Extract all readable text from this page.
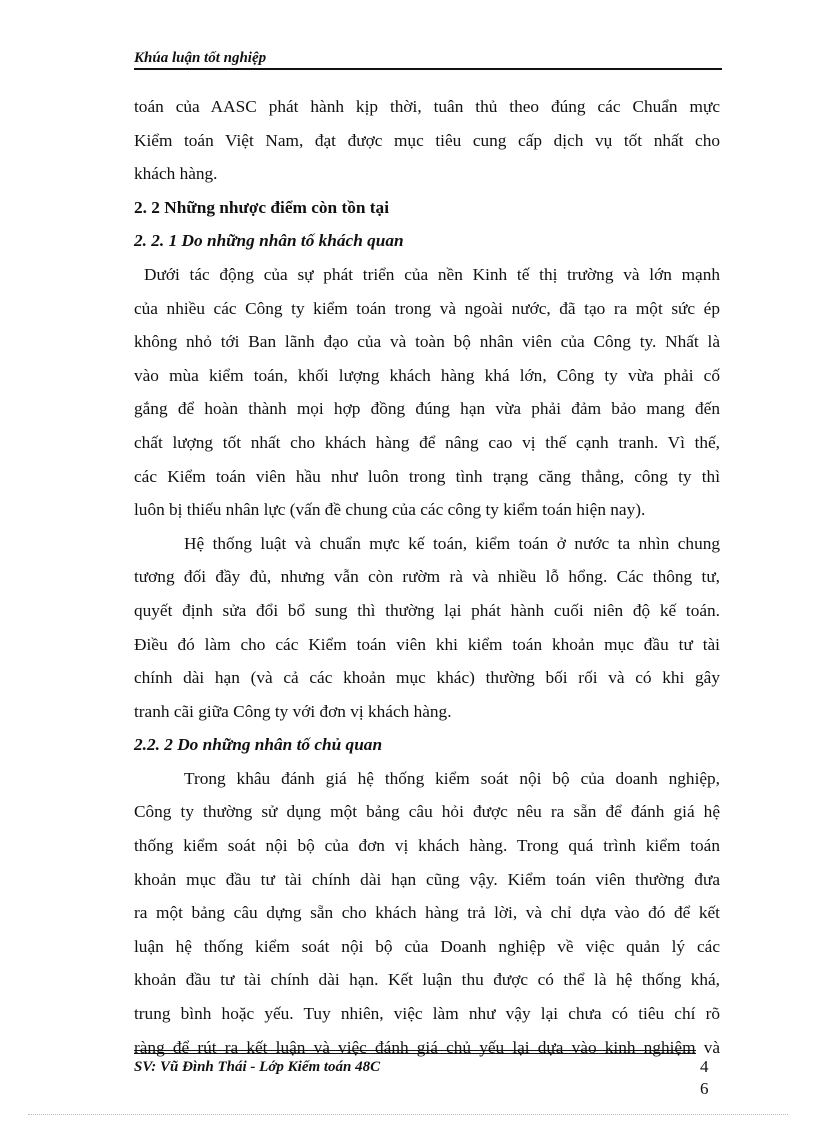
Khúa luận tốt nghiệp
toán của AASC phát hành kịp thời, tuân thủ theo đúng các Chuẩn mực
Kiểm toán Việt Nam, đạt được mục tiêu cung cấp dịch vụ tốt nhất cho
khách hàng.
2. 2 Những nhược điểm còn tồn tại
2. 2. 1 Do những nhân tố khách quan
Dưới tác động của sự phát triển của nền Kinh tế thị trường và lớn mạnh
của nhiều các Công ty kiểm toán trong và ngoài nước, đã tạo ra một sức ép
không nhỏ tới Ban lãnh đạo của và toàn bộ nhân viên của Công ty. Nhất là
vào mùa kiểm toán, khối lượng khách hàng khá lớn, Công ty vừa phải cố
gắng để hoàn thành mọi hợp đồng đúng hạn vừa phải đảm bảo mang đến
chất lượng tốt nhất cho khách hàng để nâng cao vị thế cạnh tranh. Vì thế,
các Kiểm toán viên hầu như luôn trong tình trạng căng thẳng, công ty thì
luôn bị thiếu nhân lực (vấn đề chung của các công ty kiểm toán hiện nay).
Hệ thống luật và chuẩn mực kế toán, kiểm toán ở nước ta nhìn chung
tương đối đầy đủ, nhưng vẫn còn rườm rà và nhiều lỗ hổng. Các thông tư,
quyết định sửa đổi bổ sung thì thường lại phát hành cuối niên độ kế toán.
Điều đó làm cho các Kiểm toán viên khi kiểm toán khoản mục đầu tư tài
chính dài hạn (và cả các khoản mục khác) thường bối rối và có khi gây
tranh cãi giữa Công ty với đơn vị khách hàng.
2.2. 2 Do những nhân tố chủ quan
Trong khâu đánh giá hệ thống kiểm soát nội bộ của doanh nghiệp,
Công ty thường sử dụng một bảng câu hỏi được nêu ra sẵn để đánh giá hệ
thống kiểm soát nội bộ của đơn vị khách hàng. Trong quá trình kiểm toán
khoản mục đầu tư tài chính dài hạn cũng vậy. Kiểm toán viên thường đưa
ra một bảng câu dựng sẵn cho khách hàng trả lời, và chỉ dựa vào đó để kết
luận hệ thống kiểm soát nội bộ của Doanh nghiệp về việc quản lý các
khoản đầu tư tài chính dài hạn. Kết luận thu được có thể là hệ thống khá,
trung bình hoặc yếu. Tuy nhiên, việc làm như vậy lại chưa có tiêu chí rõ
ràng để rút ra kết luận và việc đánh giá chủ yếu lại dựa vào kinh nghiệm và
SV: Vũ Đình Thái - Lớp Kiểm toán 48C	4
6
